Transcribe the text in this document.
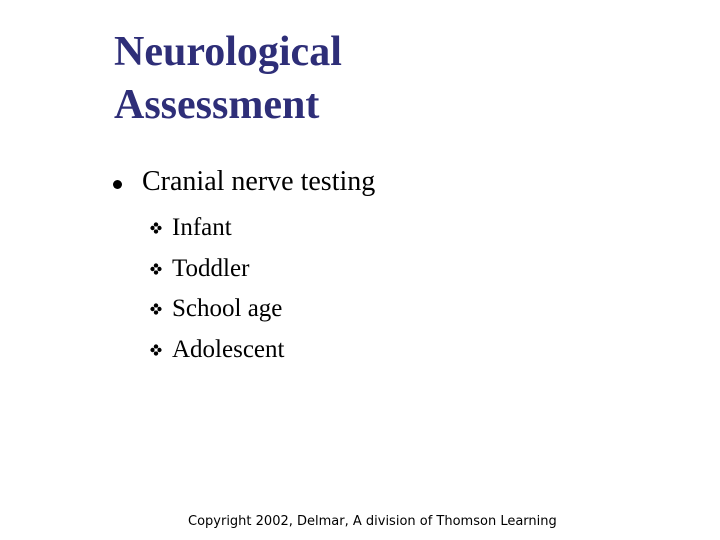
Neurological
Assessment
Cranial nerve testing
Infant
Toddler
School age
Adolescent
Copyright 2002, Delmar, A division of Thomson Learning
